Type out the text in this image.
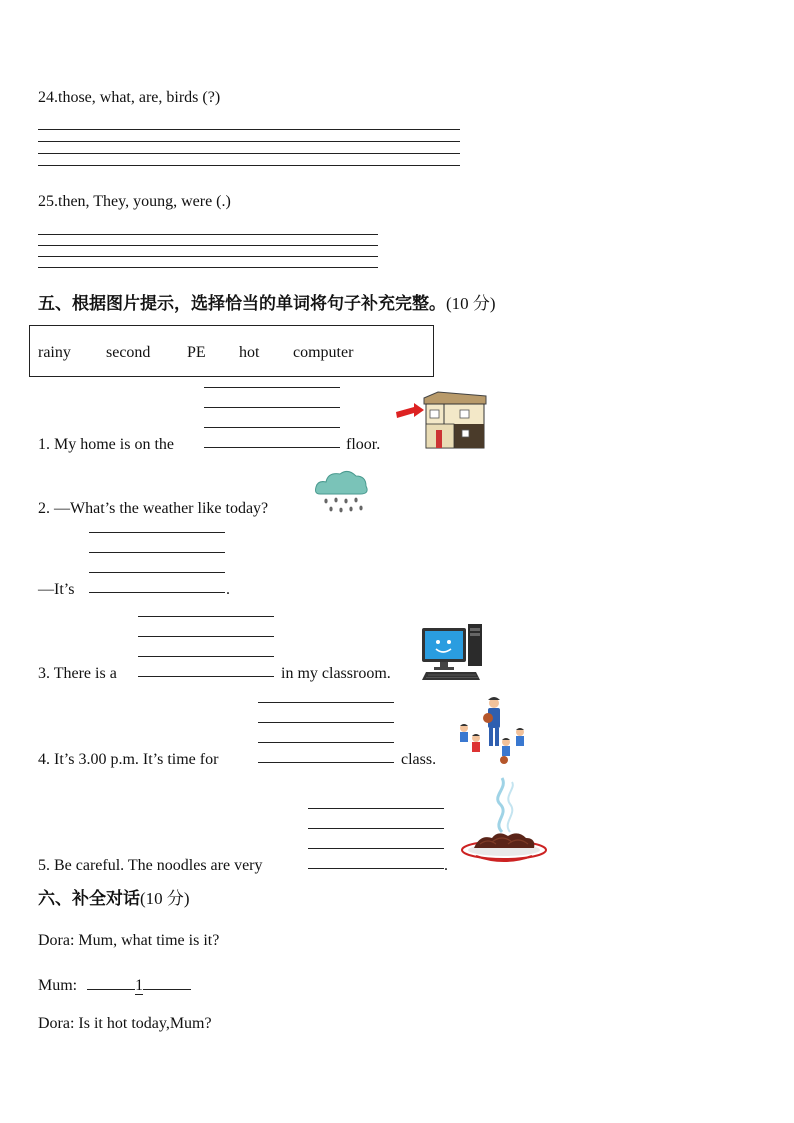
24.those, what, are, birds (?)
25.then, They, young, were (.)
五、根据图片提示，选择恰当的单词将句子补充完整。(10 分)
rainy second PE hot computer
1. My home is on the	floor.
2. —What’s the weather like today?
—It’s	.
3. There is a	in my classroom.
4. It’s 3.00 p.m. It’s time for	class.
5. Be careful. The noodles are very	.
六、补全对话(10 分)
Dora: Mum, what time is it?
Mum:	1
Dora: Is it hot today,Mum?
